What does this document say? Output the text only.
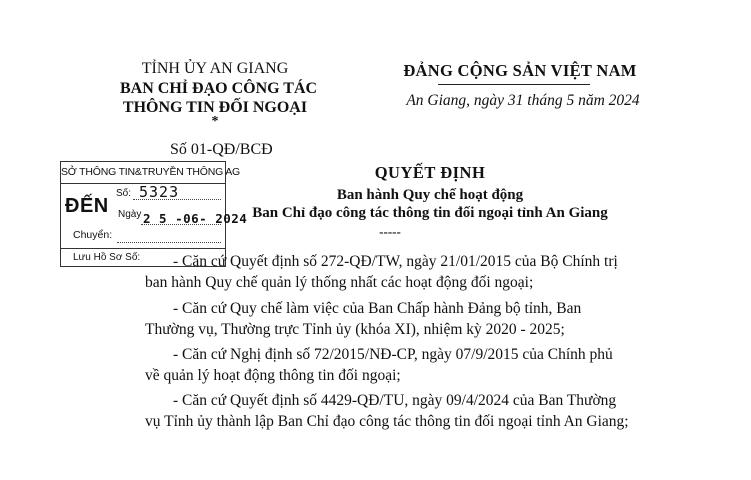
TỈNH ỦY AN GIANG
BAN CHỈ ĐẠO CÔNG TÁC
THÔNG TIN ĐỐI NGOẠI
*
Số 01-QĐ/BCĐ
ĐẢNG CỘNG SẢN VIỆT NAM
An Giang, ngày 31 tháng 5 năm 2024
SỞ THÔNG TIN&TRUYỀN THÔNG AG
ĐẾN
Số: 5323
Ngày 2 5 -06- 2024
Chuyển:
Lưu Hồ Sơ Số:
QUYẾT ĐỊNH
Ban hành Quy chế hoạt động
Ban Chỉ đạo công tác thông tin đối ngoại tỉnh An Giang
-----
- Căn cứ Quyết định số 272-QĐ/TW, ngày 21/01/2015 của Bộ Chính trị
ban hành Quy chế quản lý thống nhất các hoạt động đối ngoại;
- Căn cứ Quy chế làm việc của Ban Chấp hành Đảng bộ tỉnh, Ban
Thường vụ, Thường trực Tỉnh ủy (khóa XI), nhiệm kỳ 2020 - 2025;
- Căn cứ Nghị định số 72/2015/NĐ-CP, ngày 07/9/2015 của Chính phủ
về quản lý hoạt động thông tin đối ngoại;
- Căn cứ Quyết định số 4429-QĐ/TU, ngày 09/4/2024 của Ban Thường
vụ Tỉnh ủy thành lập Ban Chỉ đạo công tác thông tin đối ngoại tỉnh An Giang;
